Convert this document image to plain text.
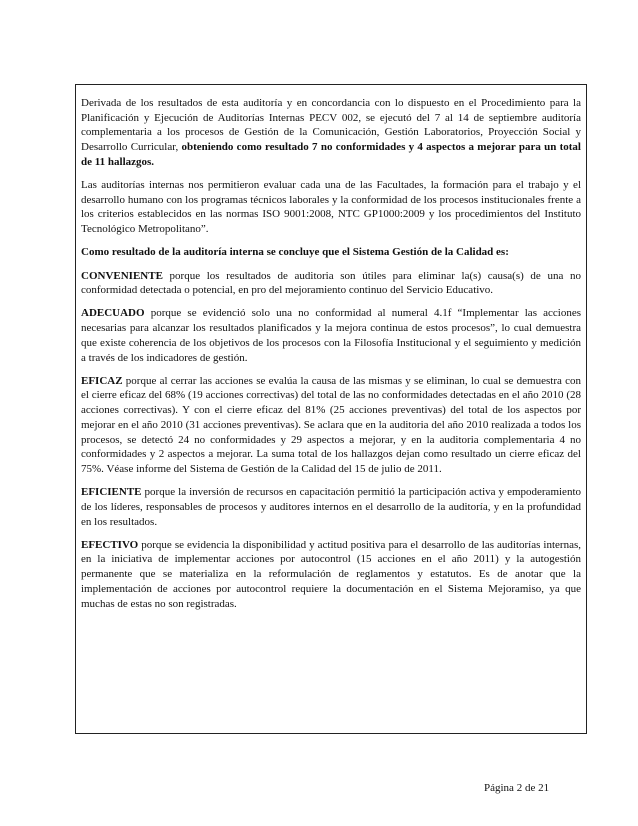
Derivada de los resultados de esta auditoría y en concordancia con lo dispuesto en el Procedimiento para la Planificación y Ejecución de Auditorías Internas PECV 002, se ejecutó del 7 al 14 de septiembre auditoría complementaria a los procesos de Gestión de la Comunicación, Gestión Laboratorios, Proyección Social y Desarrollo Curricular, obteniendo como resultado 7 no conformidades y 4 aspectos a mejorar para un total de 11 hallazgos.

Las auditorías internas nos permitieron evaluar cada una de las Facultades, la formación para el trabajo y el desarrollo humano con los programas técnicos laborales y la conformidad de los procesos institucionales frente a los criterios establecidos en las normas ISO 9001:2008, NTC GP1000:2009 y los procedimientos del Instituto Tecnológico Metropolitano”.

Como resultado de la auditoría interna se concluye que el Sistema Gestión de la Calidad es:

CONVENIENTE porque los resultados de auditoria son útiles para eliminar la(s) causa(s) de una no conformidad detectada o potencial, en pro del mejoramiento continuo del Servicio Educativo.

ADECUADO porque se evidenció solo una no conformidad al numeral 4.1f “Implementar las acciones necesarias para alcanzar los resultados planificados y la mejora continua de estos procesos”, lo cual demuestra que existe coherencia de los objetivos de los procesos con la Filosofía Institucional y el seguimiento y medición a través de los indicadores de gestión.

EFICAZ porque al cerrar las acciones se evalúa la causa de las mismas y se eliminan, lo cual se demuestra con el cierre eficaz del 68% (19 acciones correctivas) del total de las no conformidades detectadas en el año 2010 (28 acciones correctivas). Y con el cierre eficaz del 81% (25 acciones preventivas) del total de los aspectos por mejorar en el año 2010 (31 acciones preventivas). Se aclara que en la auditoria del año 2010 realizada a todos los procesos, se detectó 24 no conformidades y 29 aspectos a mejorar, y en la auditoria complementaria 4 no conformidades y 2 aspectos a mejorar. La suma total de los hallazgos dejan como resultado un cierre eficaz del 75%. Véase informe del Sistema de Gestión de la Calidad del 15 de julio de 2011.

EFICIENTE porque la inversión de recursos en capacitación permitió la participación activa y empoderamiento de los líderes, responsables de procesos y auditores internos en el desarrollo de la auditoría, y en la profundidad en los resultados.

EFECTIVO porque se evidencia la disponibilidad y actitud positiva para el desarrollo de las auditorías internas, en la iniciativa de implementar acciones por autocontrol (15 acciones en el año 2011) y la autogestión permanente que se materializa en la reformulación de reglamentos y estatutos. Es de anotar que la implementación de acciones por autocontrol requiere la documentación en el Sistema Mejoramiso, ya que muchas de estas no son registradas.

Página 2 de 21
